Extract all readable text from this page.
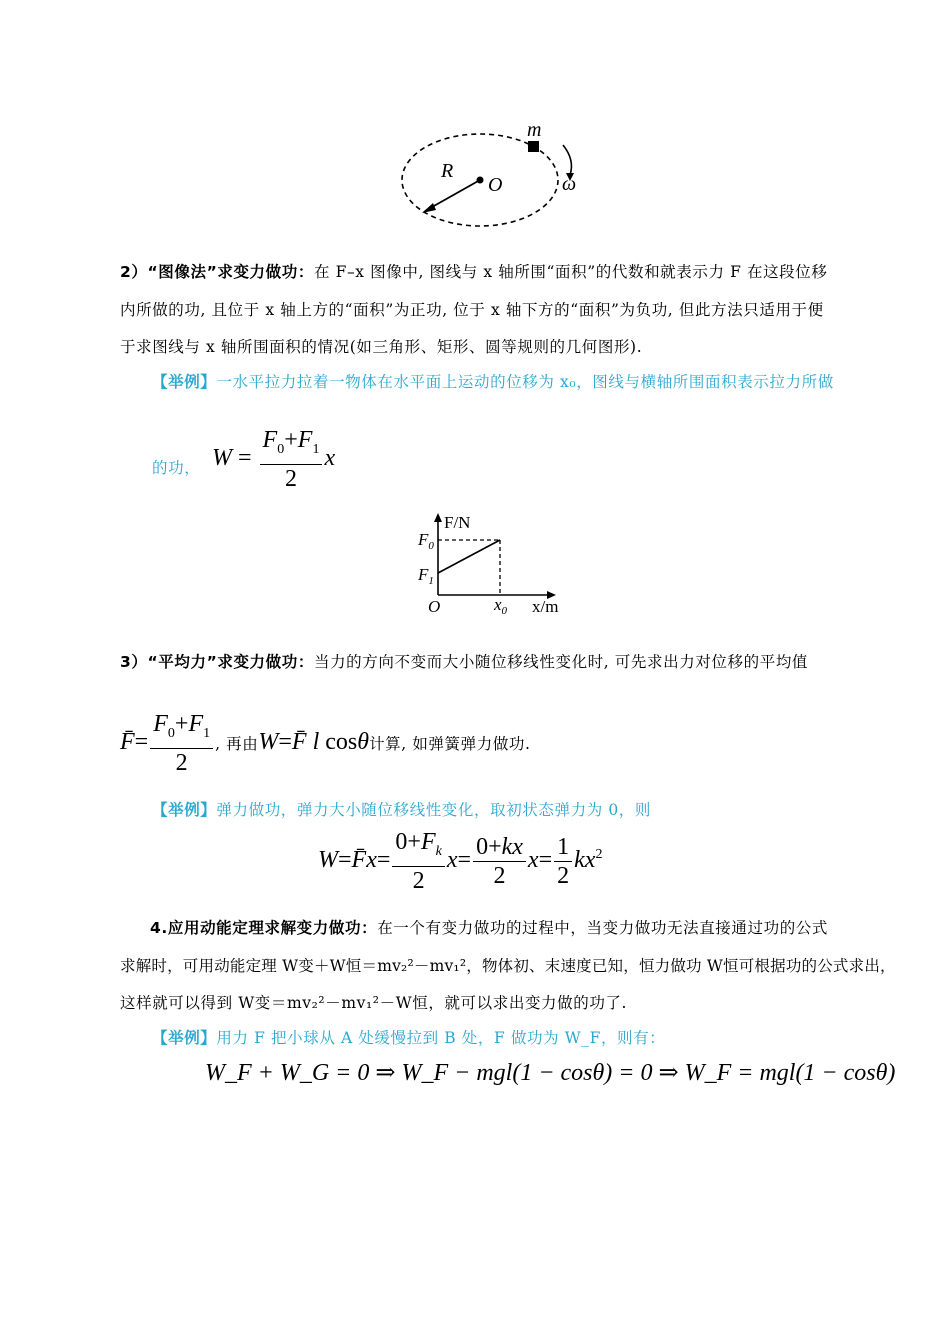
m
R
O	ω
2）“图像法”求变力做功：在 F–x 图像中, 图线与 x 轴所围“面积”的代数和就表示力 F 在这段位移
内所做的功, 且位于 x 轴上方的“面积”为正功, 位于 x 轴下方的“面积”为负功, 但此方法只适用于便
于求图线与 x 轴所围面积的情况(如三角形、矩形、圆等规则的几何图形).
【举例】一水平拉力拉着一物体在水平面上运动的位移为 x₀，图线与横轴所围面积表示拉力所做
的功， $W = \frac{F_0+F_1}{2}$ x
F/N
$F_0$
$F_1$
O	$x_0$ x/m
3）“平均力”求变力做功：当力的方向不变而大小随位移线性变化时, 可先求出力对位移的平均值
F̄= $\frac{F_0+F_1}{2}$ , 再由W=F̄ l cosθ计算, 如弹簧弹力做功.
【举例】弹力做功，弹力大小随位移线性变化，取初状态弹力为 0，则
W=F̄x= $\frac{0+F_k}{2} x= \frac{0+kx}{2} x= \frac{1}{2} kx^2$
4.应用动能定理求解变力做功：在一个有变力做功的过程中，当变力做功无法直接通过功的公式
求解时，可用动能定理 W变＋W恒＝mv₂²－mv₁²，物体初、末速度已知，恒力做功 W恒可根据功的公式求出，
这样就可以得到 W变＝mv₂²－mv₁²－W恒，就可以求出变力做的功了.
【举例】用力 F 把小球从 A 处缓慢拉到 B 处，F 做功为 W_F，则有：
W_F + W_G = 0 ⇒ W_F − mgl(1 − cosθ) = 0 ⇒ W_F = mgl(1 − cosθ)
